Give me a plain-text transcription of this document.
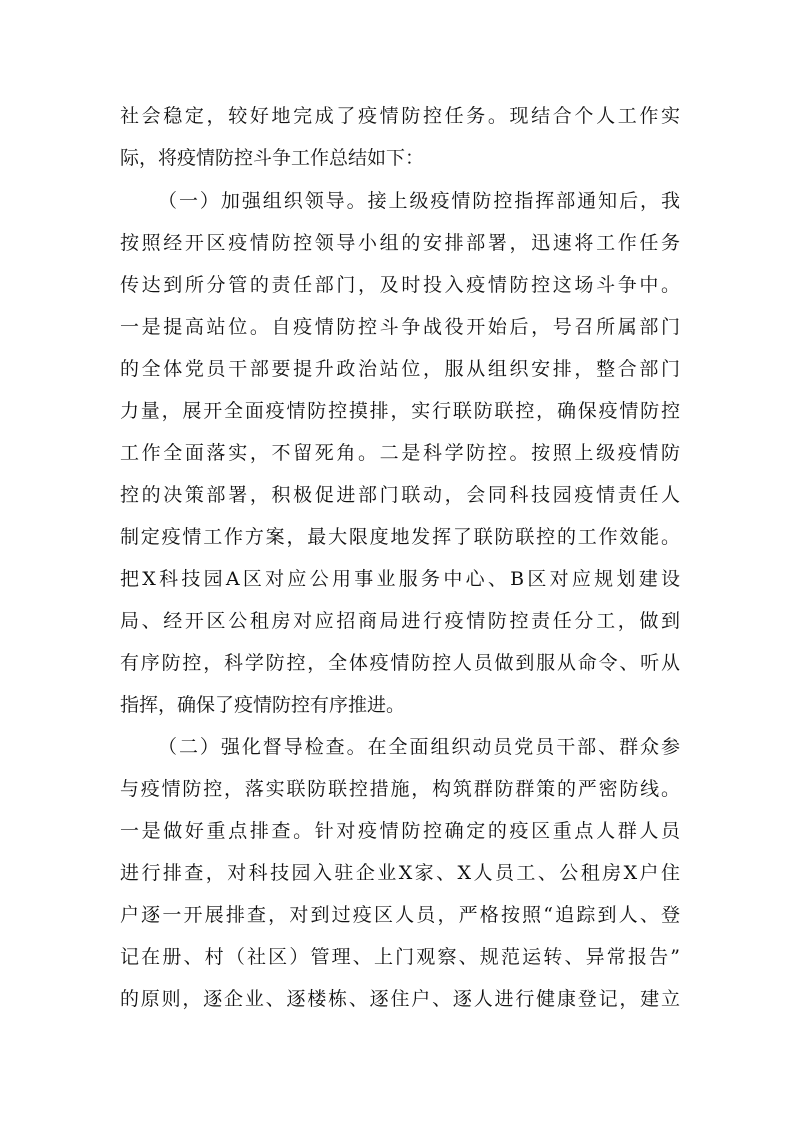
社会稳定，较好地完成了疫情防控任务。现结合个人工作实
际，将疫情防控斗争工作总结如下：
（一）加强组织领导。接上级疫情防控指挥部通知后，我
按照经开区疫情防控领导小组的安排部署，迅速将工作任务
传达到所分管的责任部门，及时投入疫情防控这场斗争中。
一是提高站位。自疫情防控斗争战役开始后，号召所属部门
的全体党员干部要提升政治站位，服从组织安排，整合部门
力量，展开全面疫情防控摸排，实行联防联控，确保疫情防控
工作全面落实，不留死角。二是科学防控。按照上级疫情防
控的决策部署，积极促进部门联动，会同科技园疫情责任人
制定疫情工作方案，最大限度地发挥了联防联控的工作效能。
把X科技园A区对应公用事业服务中心、B区对应规划建设
局、经开区公租房对应招商局进行疫情防控责任分工，做到
有序防控，科学防控，全体疫情防控人员做到服从命令、听从
指挥，确保了疫情防控有序推进。
（二）强化督导检查。在全面组织动员党员干部、群众参
与疫情防控，落实联防联控措施，构筑群防群策的严密防线。
一是做好重点排查。针对疫情防控确定的疫区重点人群人员
进行排查，对科技园入驻企业X家、X人员工、公租房X户住
户逐一开展排查，对到过疫区人员，严格按照“追踪到人、登
记在册、村（社区）管理、上门观察、规范运转、异常报告”
的原则，逐企业、逐楼栋、逐住户、逐人进行健康登记，建立
